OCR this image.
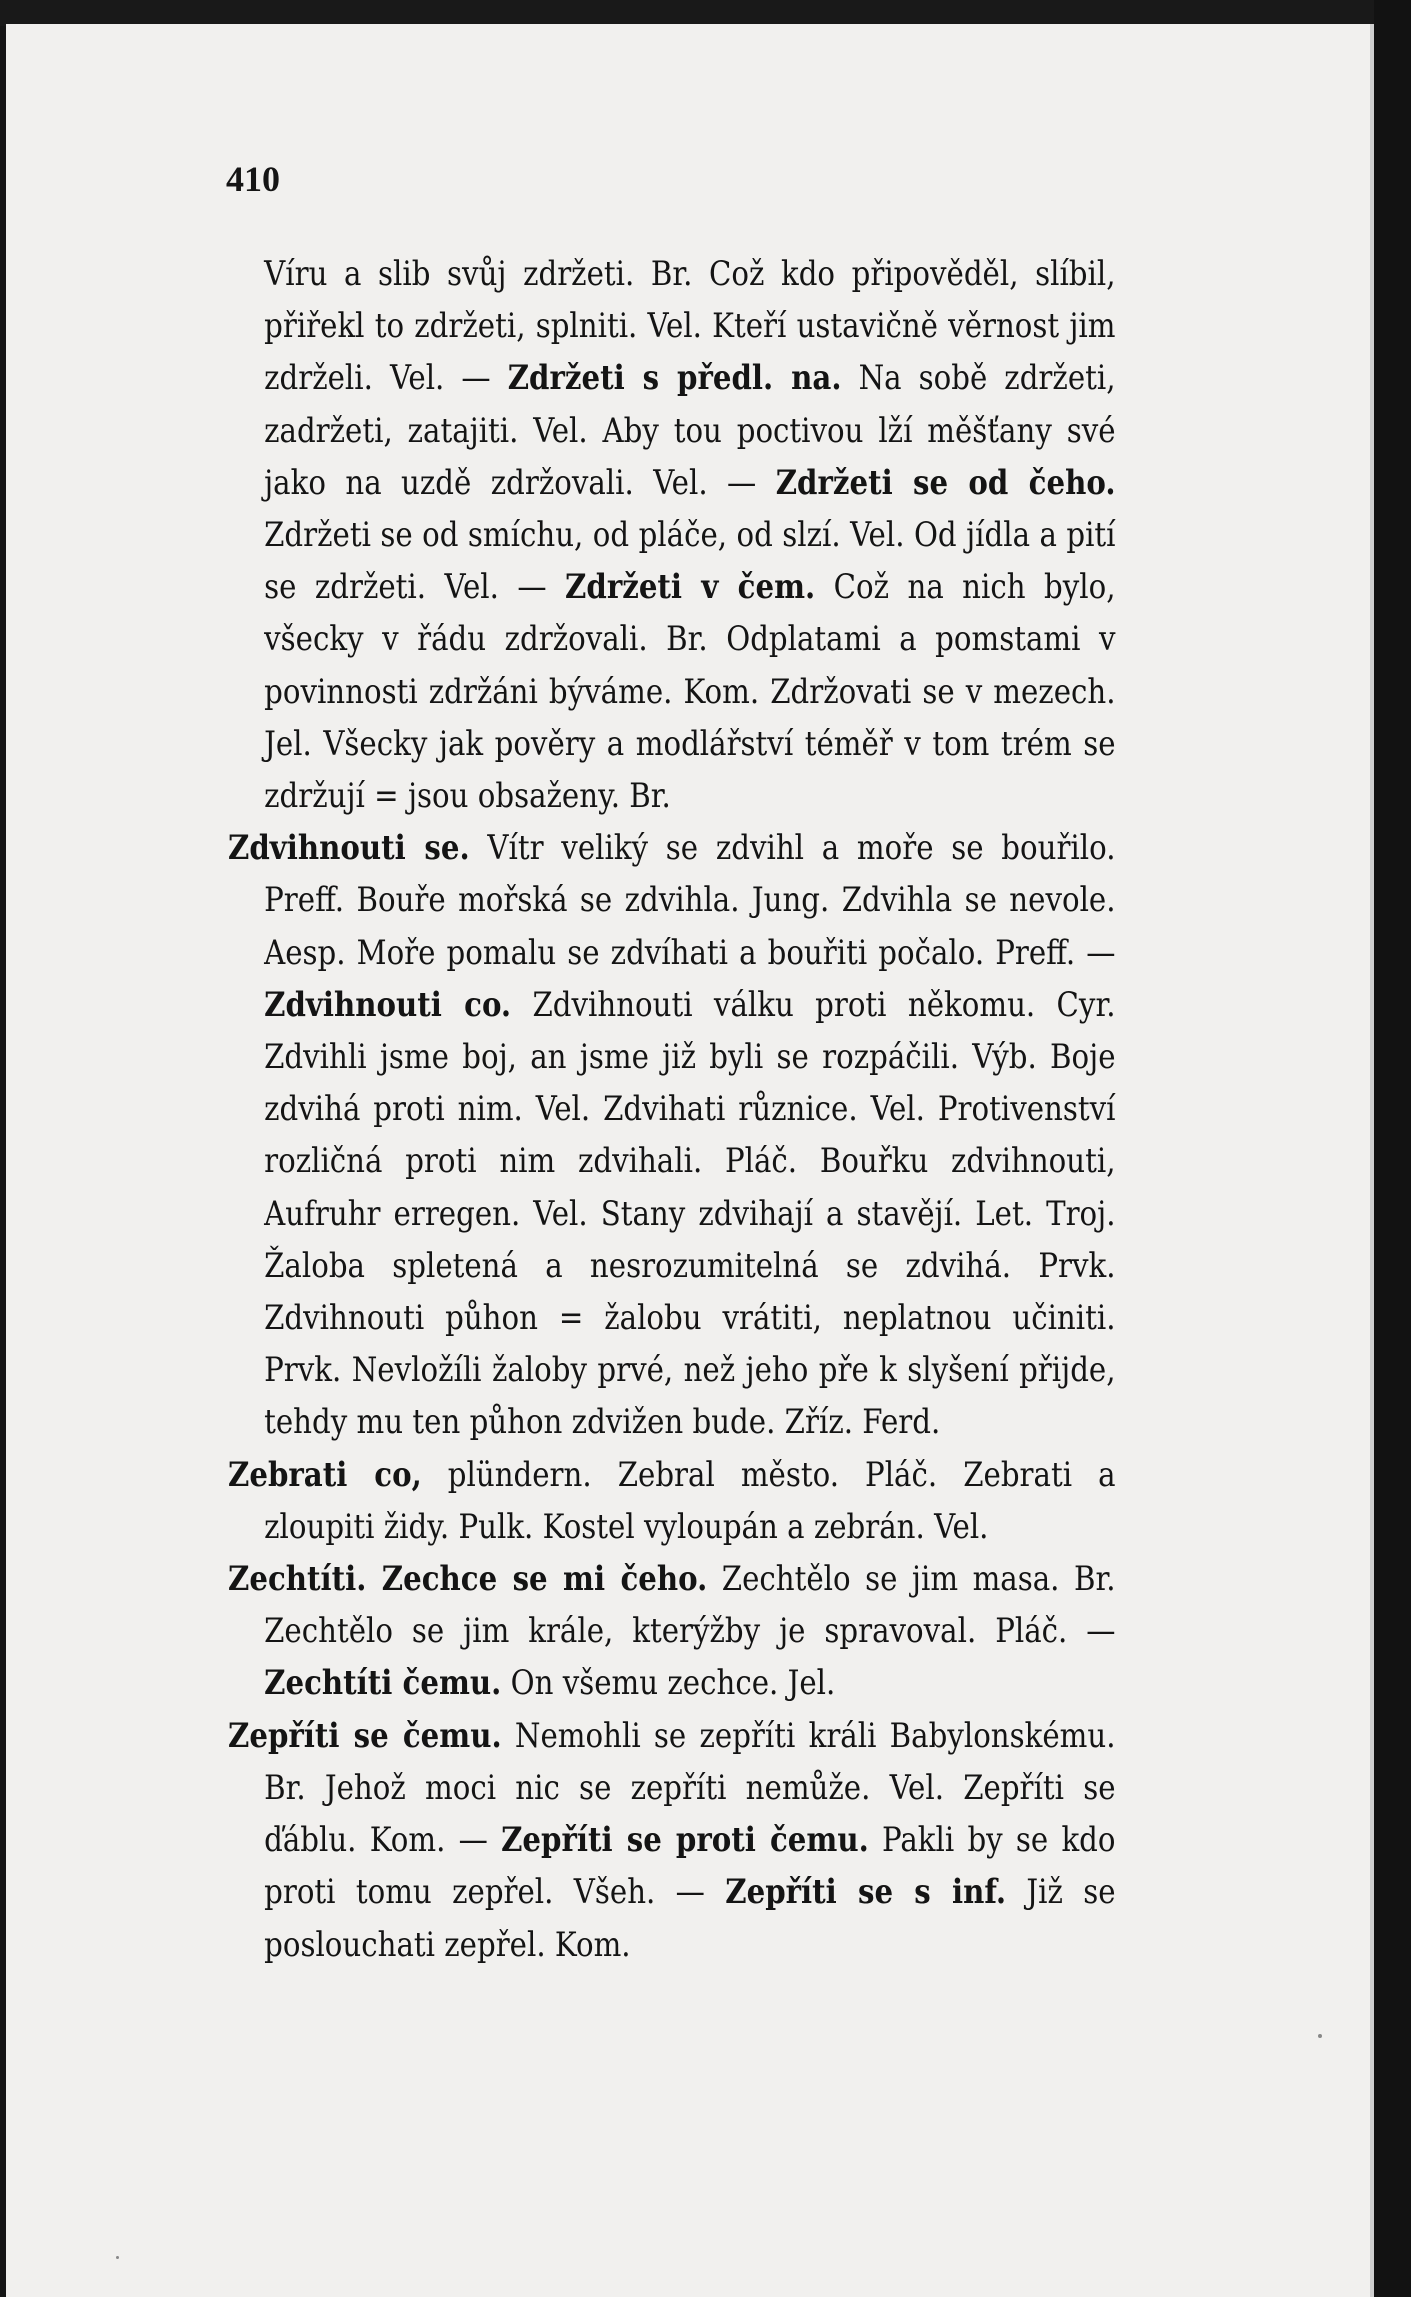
410

Víru a slib svůj zdržeti. Br. Což kdo připověděl, slíbil, přiřekl to zdržeti, splniti. Vel. Kteří ustavičně věrnost jim zdrželi. Vel. — Zdržeti s předl. na. Na sobě zdržeti, zadržeti, zatajiti. Vel. Aby tou poctivou lží měšťany své jako na uzdě zdržovali. Vel. — Zdržeti se od čeho. Zdržeti se od smíchu, od pláče, od slzí. Vel. Od jídla a pití se zdržeti. Vel. — Zdržeti v čem. Což na nich bylo, všecky v řádu zdržovali. Br. Odplatami a pomstami v povinnosti zdržáni býváme. Kom. Zdržovati se v mezech. Jel. Všecky jak pověry a modlářství téměř v tom trém se zdržují = jsou obsaženy. Br.

Zdvihnouti se. Vítr veliký se zdvihl a moře se bouřilo. Preff. Bouře mořská se zdvihla. Jung. Zdvihla se nevole. Aesp. Moře pomalu se zdvíhati a bouřiti počalo. Preff. — Zdvihnouti co. Zdvihnouti válku proti někomu. Cyr. Zdvihli jsme boj, an jsme již byli se rozpáčili. Výb. Boje zdvihá proti nim. Vel. Zdvihati různice. Vel. Protivenství rozličná proti nim zdvihali. Pláč. Bouřku zdvihnouti, Aufruhr erregen. Vel. Stany zdvihají a stavějí. Let. Troj. Žaloba spletená a nesrozumitelná se zdvihá. Prvk. Zdvihnouti půhon = žalobu vrátiti, neplatnou učiniti. Prvk. Nevložíli žaloby prvé, než jeho pře k slyšení přijde, tehdy mu ten půhon zdvižen bude. Zříz. Ferd.

Zebrati co, plündern. Zebral město. Pláč. Zebrati a zloupiti židy. Pulk. Kostel vyloupán a zebrán. Vel.

Zechtíti. Zechce se mi čeho. Zechtělo se jim masa. Br. Zechtělo se jim krále, kterýžby je spravoval. Pláč. — Zechtíti čemu. On všemu zechce. Jel.

Zepříti se čemu. Nemohli se zepříti králi Babylonskému. Br. Jehož moci nic se zepříti nemůže. Vel. Zepříti se ďáblu. Kom. — Zepříti se proti čemu. Pakli by se kdo proti tomu zepřel. Všeh. — Zepříti se s inf. Již se poslouchati zepřel. Kom.
